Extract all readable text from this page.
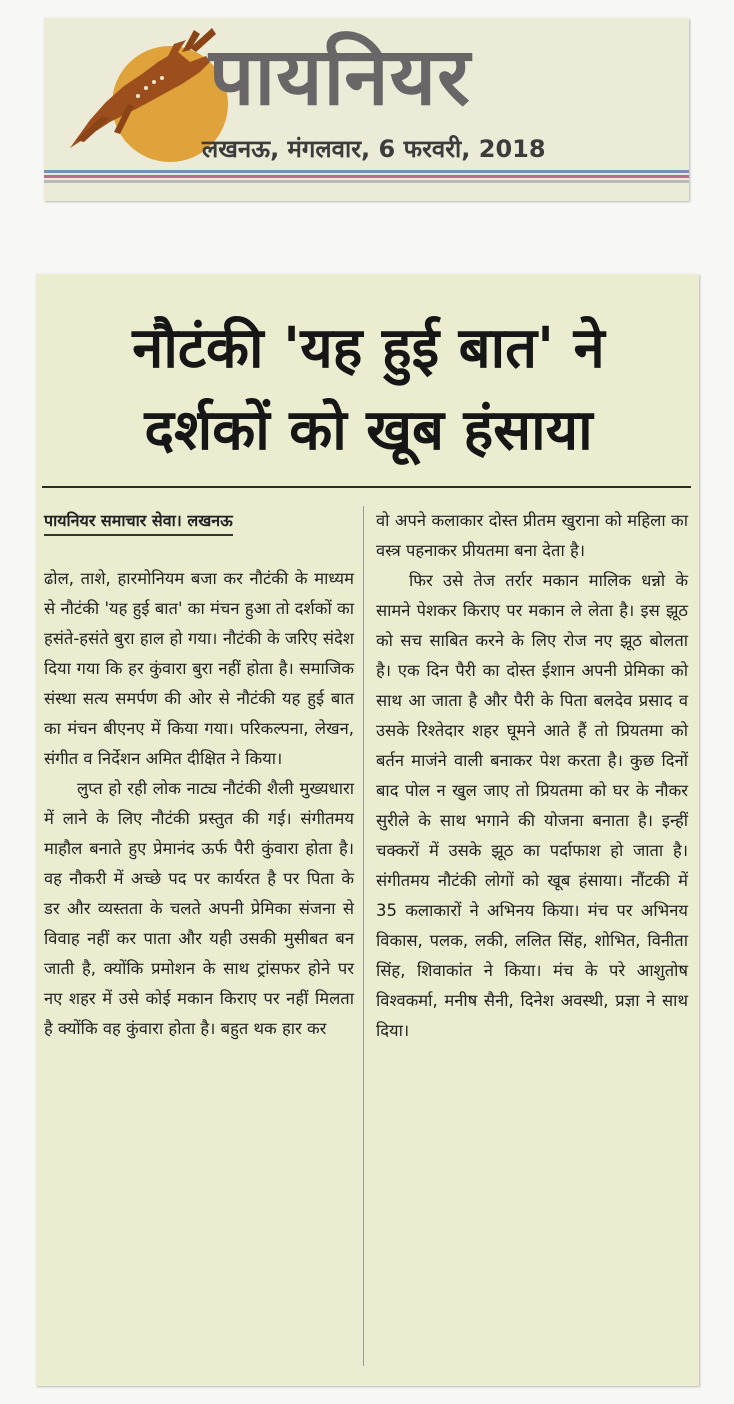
पायनियर
लखनऊ, मंगलवार, 6 फरवरी, 2018
नौटंकी 'यह हुई बात' ने
दर्शकों को खूब हंसाया
पायनियर समाचार सेवा। लखनऊ

ढोल, ताशे, हारमोनियम बजा कर नौटंकी के माध्यम से नौटंकी 'यह हुई बात' का मंचन हुआ तो दर्शकों का हसंते-हसंते बुरा हाल हो गया। नौटंकी के जरिए संदेश दिया गया कि हर कुंवारा बुरा नहीं होता है। समाजिक संस्था सत्य समर्पण की ओर से नौटंकी यह हुई बात का मंचन बीएनए में किया गया। परिकल्पना, लेखन, संगीत व निर्देशन अमित दीक्षित ने किया।

लुप्त हो रही लोक नाट्य नौटंकी शैली मुख्यधारा में लाने के लिए नौटंकी प्रस्तुत की गई। संगीतमय माहौल बनाते हुए प्रेमानंद ऊर्फ पैरी कुंवारा होता है। वह नौकरी में अच्छे पद पर कार्यरत है पर पिता के डर और व्यस्तता के चलते अपनी प्रेमिका संजना से विवाह नहीं कर पाता और यही उसकी मुसीबत बन जाती है, क्योंकि प्रमोशन के साथ ट्रांसफर होने पर नए शहर में उसे कोई मकान किराए पर नहीं मिलता है क्योंकि वह कुंवारा होता है। बहुत थक हार कर

वो अपने कलाकार दोस्त प्रीतम खुराना को महिला का वस्त्र पहनाकर प्रीयतमा बना देता है।

फिर उसे तेज तर्रार मकान मालिक धन्नो के सामने पेशकर किराए पर मकान ले लेता है। इस झूठ को सच साबित करने के लिए रोज नए झूठ बोलता है। एक दिन पैरी का दोस्त ईशान अपनी प्रेमिका को साथ आ जाता है और पैरी के पिता बलदेव प्रसाद व उसके रिश्तेदार शहर घूमने आते हैं तो प्रियतमा को बर्तन माजंने वाली बनाकर पेश करता है। कुछ दिनों बाद पोल न खुल जाए तो प्रियतमा को घर के नौकर सुरीले के साथ भगाने की योजना बनाता है। इन्हीं चक्करों में उसके झूठ का पर्दाफाश हो जाता है। संगीतमय नौटंकी लोगों को खूब हंसाया। नौंटकी में 35 कलाकारों ने अभिनय किया। मंच पर अभिनय विकास, पलक, लकी, ललित सिंह, शोभित, विनीता सिंह, शिवाकांत ने किया। मंच के परे आशुतोष विश्वकर्मा, मनीष सैनी, दिनेश अवस्थी, प्रज्ञा ने साथ दिया।
